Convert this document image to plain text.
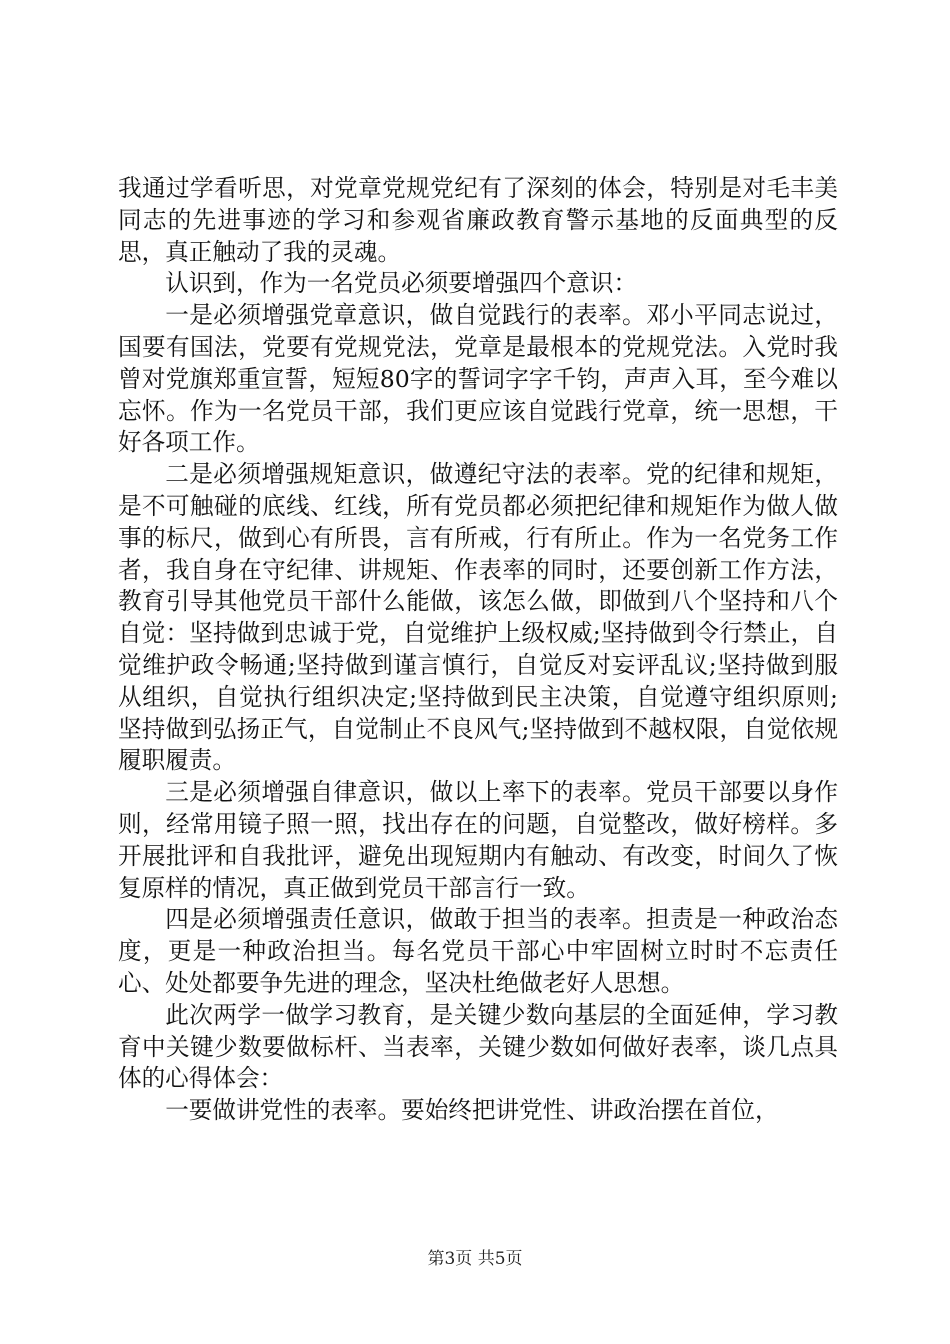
我通过学看听思，对党章党规党纪有了深刻的体会，特别是对毛丰美同志的先进事迹的学习和参观省廉政教育警示基地的反面典型的反思，真正触动了我的灵魂。

认识到，作为一名党员必须要增强四个意识：

一是必须增强党章意识，做自觉践行的表率。邓小平同志说过，国要有国法，党要有党规党法，党章是最根本的党规党法。入党时我曾对党旗郑重宣誓，短短80字的誓词字字千钧，声声入耳，至今难以忘怀。作为一名党员干部，我们更应该自觉践行党章，统一思想，干好各项工作。

二是必须增强规矩意识，做遵纪守法的表率。党的纪律和规矩，是不可触碰的底线、红线，所有党员都必须把纪律和规矩作为做人做事的标尺，做到心有所畏，言有所戒，行有所止。作为一名党务工作者，我自身在守纪律、讲规矩、作表率的同时，还要创新工作方法，教育引导其他党员干部什么能做，该怎么做，即做到八个坚持和八个自觉：坚持做到忠诚于党，自觉维护上级权威;坚持做到令行禁止，自觉维护政令畅通;坚持做到谨言慎行，自觉反对妄评乱议;坚持做到服从组织，自觉执行组织决定;坚持做到民主决策，自觉遵守组织原则;坚持做到弘扬正气，自觉制止不良风气;坚持做到不越权限，自觉依规履职履责。

三是必须增强自律意识，做以上率下的表率。党员干部要以身作则，经常用镜子照一照，找出存在的问题，自觉整改，做好榜样。多开展批评和自我批评，避免出现短期内有触动、有改变，时间久了恢复原样的情况，真正做到党员干部言行一致。

四是必须增强责任意识，做敢于担当的表率。担责是一种政治态度，更是一种政治担当。每名党员干部心中牢固树立时时不忘责任心、处处都要争先进的理念，坚决杜绝做老好人思想。

此次两学一做学习教育，是关键少数向基层的全面延伸，学习教育中关键少数要做标杆、当表率，关键少数如何做好表率，谈几点具体的心得体会：

一要做讲党性的表率。要始终把讲党性、讲政治摆在首位，

第3页 共5页
